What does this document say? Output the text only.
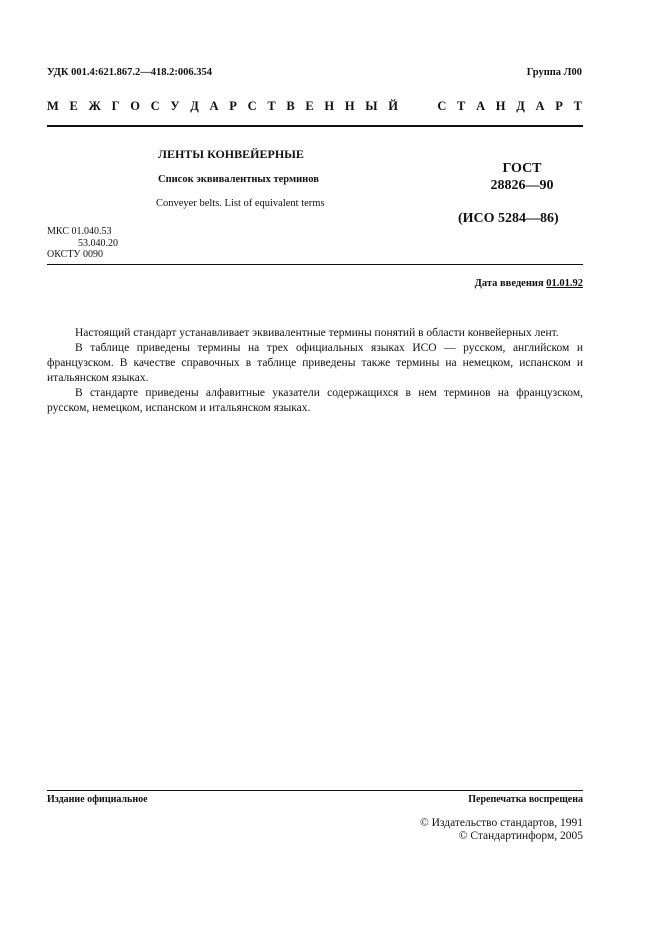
УДК 001.4:621.867.2—418.2:006.354	Группа Л00
М Е Ж Г О С У Д А Р С Т В Е Н Н Ы Й	С Т А Н Д А Р Т
ЛЕНТЫ КОНВЕЙЕРНЫЕ
Список эквивалентных терминов
Conveyer belts. List of equivalent terms
ГОСТ
28826—90
(ИСО 5284—86)
МКС 01.040.53
53.040.20
ОКСТУ 0090
Дата введения 01.01.92

Настоящий стандарт устанавливает эквивалентные термины понятий в области конвейерных лент.

В таблице приведены термины на трех официальных языках ИСО — русском, английском и французском. В качестве справочных в таблице приведены также термины на немецком, испанском и итальянском языках.

В стандарте приведены алфавитные указатели содержащихся в нем терминов на французском, русском, немецком, испанском и итальянском языках.

Издание официальное	Перепечатка воспрещена
© Издательство стандартов, 1991
© Стандартинформ, 2005
